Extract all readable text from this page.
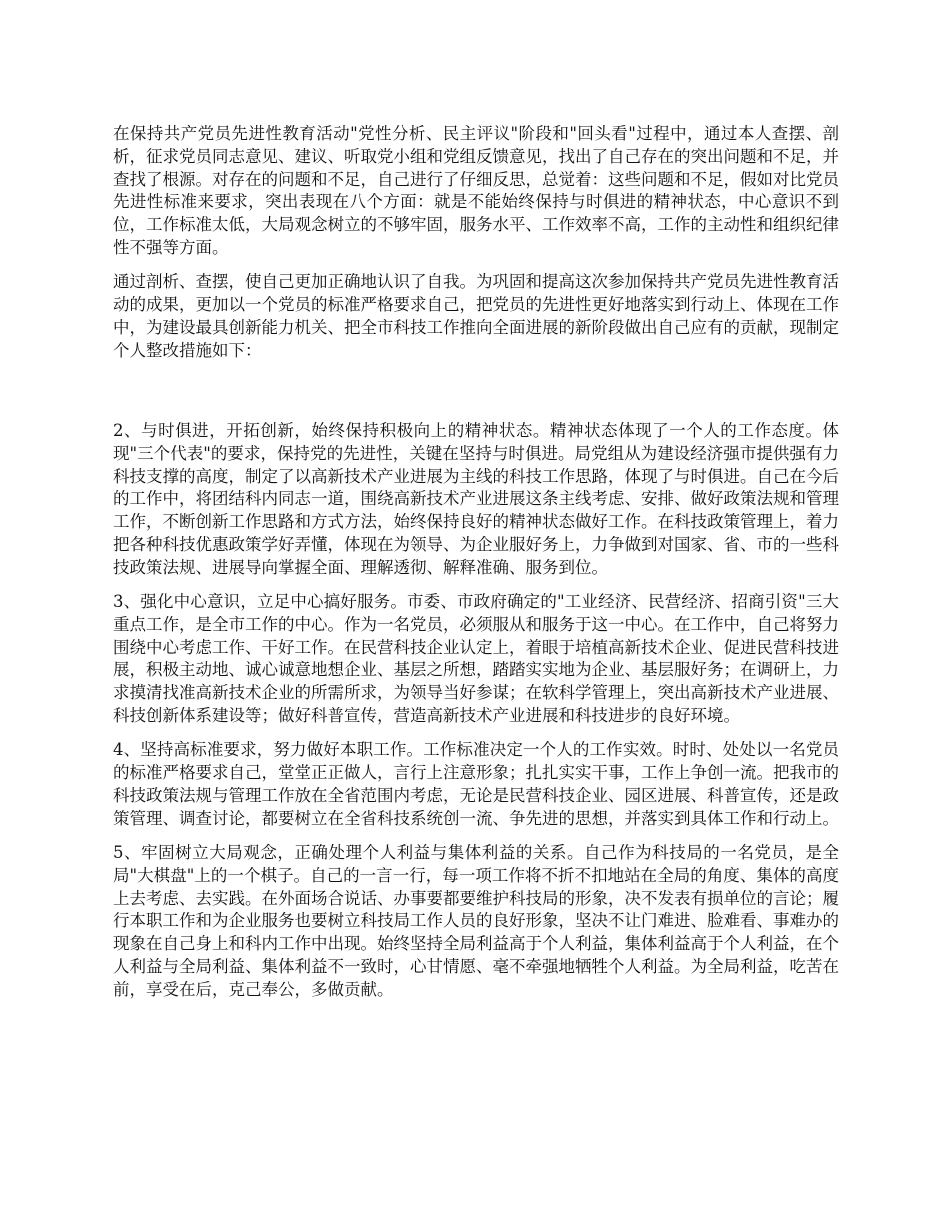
在保持共产党员先进性教育活动"党性分析、民主评议"阶段和"回头看"过程中，通过本人查摆、剖析，征求党员同志意见、建议、听取党小组和党组反馈意见，找出了自己存在的突出问题和不足，并查找了根源。对存在的问题和不足，自己进行了仔细反思，总觉着：这些问题和不足，假如对比党员先进性标准来要求，突出表现在八个方面：就是不能始终保持与时俱进的精神状态，中心意识不到位，工作标准太低，大局观念树立的不够牢固，服务水平、工作效率不高，工作的主动性和组织纪律性不强等方面。

通过剖析、查摆，使自己更加正确地认识了自我。为巩固和提高这次参加保持共产党员先进性教育活动的成果，更加以一个党员的标准严格要求自己，把党员的先进性更好地落实到行动上、体现在工作中，为建设最具创新能力机关、把全市科技工作推向全面进展的新阶段做出自己应有的贡献，现制定个人整改措施如下：

2、与时俱进，开拓创新，始终保持积极向上的精神状态。精神状态体现了一个人的工作态度。体现"三个代表"的要求，保持党的先进性，关键在坚持与时俱进。局党组从为建设经济强市提供强有力科技支撑的高度，制定了以高新技术产业进展为主线的科技工作思路，体现了与时俱进。自己在今后的工作中，将团结科内同志一道，围绕高新技术产业进展这条主线考虑、安排、做好政策法规和管理工作，不断创新工作思路和方式方法，始终保持良好的精神状态做好工作。在科技政策管理上，着力把各种科技优惠政策学好弄懂，体现在为领导、为企业服好务上，力争做到对国家、省、市的一些科技政策法规、进展导向掌握全面、理解透彻、解释准确、服务到位。

3、强化中心意识，立足中心搞好服务。市委、市政府确定的"工业经济、民营经济、招商引资"三大重点工作，是全市工作的中心。作为一名党员，必须服从和服务于这一中心。在工作中，自己将努力围绕中心考虑工作、干好工作。在民营科技企业认定上，着眼于培植高新技术企业、促进民营科技进展，积极主动地、诚心诚意地想企业、基层之所想，踏踏实实地为企业、基层服好务；在调研上，力求摸清找准高新技术企业的所需所求，为领导当好参谋；在软科学管理上，突出高新技术产业进展、科技创新体系建设等；做好科普宣传，营造高新技术产业进展和科技进步的良好环境。

4、坚持高标准要求，努力做好本职工作。工作标准决定一个人的工作实效。时时、处处以一名党员的标准严格要求自己，堂堂正正做人，言行上注意形象；扎扎实实干事，工作上争创一流。把我市的科技政策法规与管理工作放在全省范围内考虑，无论是民营科技企业、园区进展、科普宣传，还是政策管理、调查讨论，都要树立在全省科技系统创一流、争先进的思想，并落实到具体工作和行动上。

5、牢固树立大局观念，正确处理个人利益与集体利益的关系。自己作为科技局的一名党员，是全局"大棋盘"上的一个棋子。自己的一言一行，每一项工作将不折不扣地站在全局的角度、集体的高度上去考虑、去实践。在外面场合说话、办事要都要维护科技局的形象，决不发表有损单位的言论；履行本职工作和为企业服务也要树立科技局工作人员的良好形象，坚决不让门难进、脸难看、事难办的现象在自己身上和科内工作中出现。始终坚持全局利益高于个人利益，集体利益高于个人利益，在个人利益与全局利益、集体利益不一致时，心甘情愿、毫不牵强地牺牲个人利益。为全局利益，吃苦在前，享受在后，克己奉公，多做贡献。
